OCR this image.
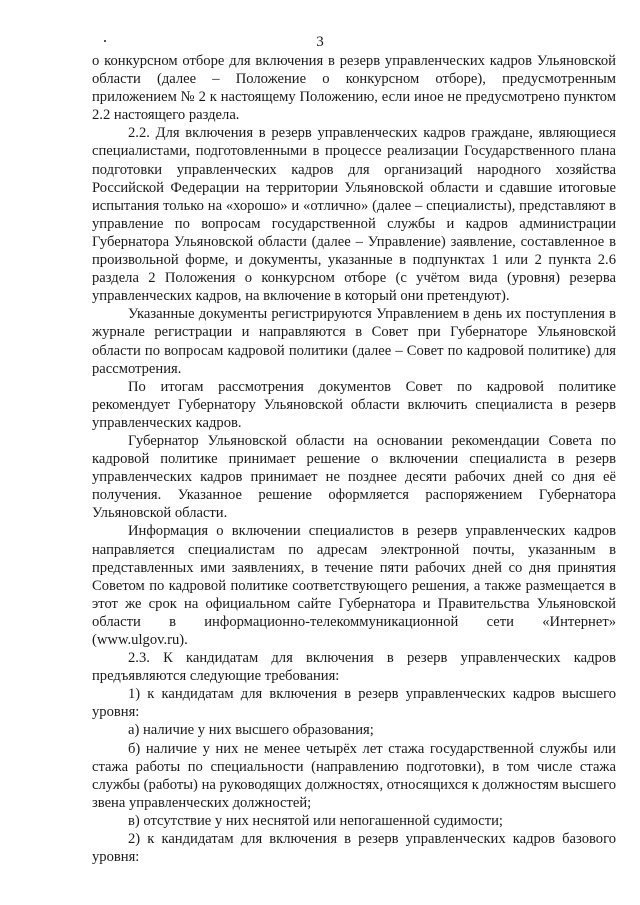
3

о конкурсном отборе для включения в резерв управленческих кадров Ульяновской области (далее – Положение о конкурсном отборе), предусмотренным приложением № 2 к настоящему Положению, если иное не предусмотрено пунктом 2.2 настоящего раздела.

2.2. Для включения в резерв управленческих кадров граждане, являющиеся специалистами, подготовленными в процессе реализации Государственного плана подготовки управленческих кадров для организаций народного хозяйства Российской Федерации на территории Ульяновской области и сдавшие итоговые испытания только на «хорошо» и «отлично» (далее – специалисты), представляют в управление по вопросам государственной службы и кадров администрации Губернатора Ульяновской области (далее – Управление) заявление, составленное в произвольной форме, и документы, указанные в подпунктах 1 или 2 пункта 2.6 раздела 2 Положения о конкурсном отборе (с учётом вида (уровня) резерва управленческих кадров, на включение в который они претендуют).

Указанные документы регистрируются Управлением в день их поступления в журнале регистрации и направляются в Совет при Губернаторе Ульяновской области по вопросам кадровой политики (далее – Совет по кадровой политике) для рассмотрения.

По итогам рассмотрения документов Совет по кадровой политике рекомендует Губернатору Ульяновской области включить специалиста в резерв управленческих кадров.

Губернатор Ульяновской области на основании рекомендации Совета по кадровой политике принимает решение о включении специалиста в резерв управленческих кадров принимает не позднее десяти рабочих дней со дня её получения. Указанное решение оформляется распоряжением Губернатора Ульяновской области.

Информация о включении специалистов в резерв управленческих кадров направляется специалистам по адресам электронной почты, указанным в представленных ими заявлениях, в течение пяти рабочих дней со дня принятия Советом по кадровой политике соответствующего решения, а также размещается в этот же срок на официальном сайте Губернатора и Правительства Ульяновской области в информационно-телекоммуникационной сети «Интернет» (www.ulgov.ru).

2.3. К кандидатам для включения в резерв управленческих кадров предъявляются следующие требования:

1) к кандидатам для включения в резерв управленческих кадров высшего уровня:

а) наличие у них высшего образования;

б) наличие у них не менее четырёх лет стажа государственной службы или стажа работы по специальности (направлению подготовки), в том числе стажа службы (работы) на руководящих должностях, относящихся к должностям высшего звена управленческих должностей;

в) отсутствие у них неснятой или непогашенной судимости;

2) к кандидатам для включения в резерв управленческих кадров базового уровня:
